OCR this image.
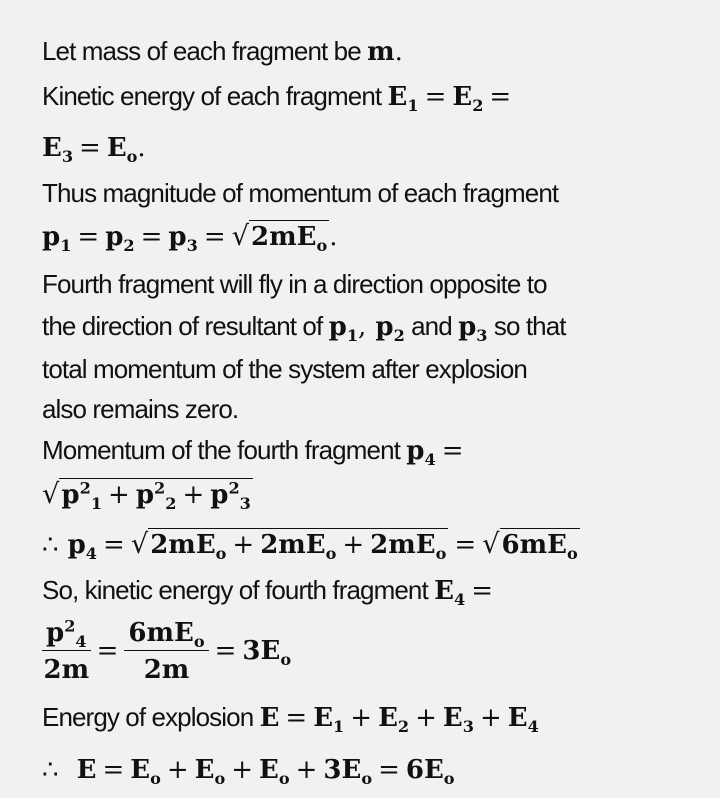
Let mass of each fragment be m.
Kinetic energy of each fragment $E_1 = E_2$ =
$E_3 = E_o$.
Thus magnitude of momentum of each fragment
$p_1 = p_2 = p_3 = √2mE_o$.
Fourth fragment will fly in a direction opposite to
the direction of resultant of $p_1$, $p_2$ and $p_3$ so that
total momentum of the system after explosion
also remains zero.
Momentum of the fourth fragment $p_4$ =
$√p^2_1 + p^2_2 + p^2_3$
∴ $p_4 = √2mE_o + 2mE_o + 2mE_o = √6mE_o$
So, kinetic energy of fourth fragment $E_4$ =
$\frac{p^2_4}{2m} = \frac{6mE_o}{2m} = 3E_o$
Energy of explosion $E = E_1 + E_2 + E_3 + E_4$
∴ $E = E_o + E_o + E_o + 3E_o = 6E_o$
